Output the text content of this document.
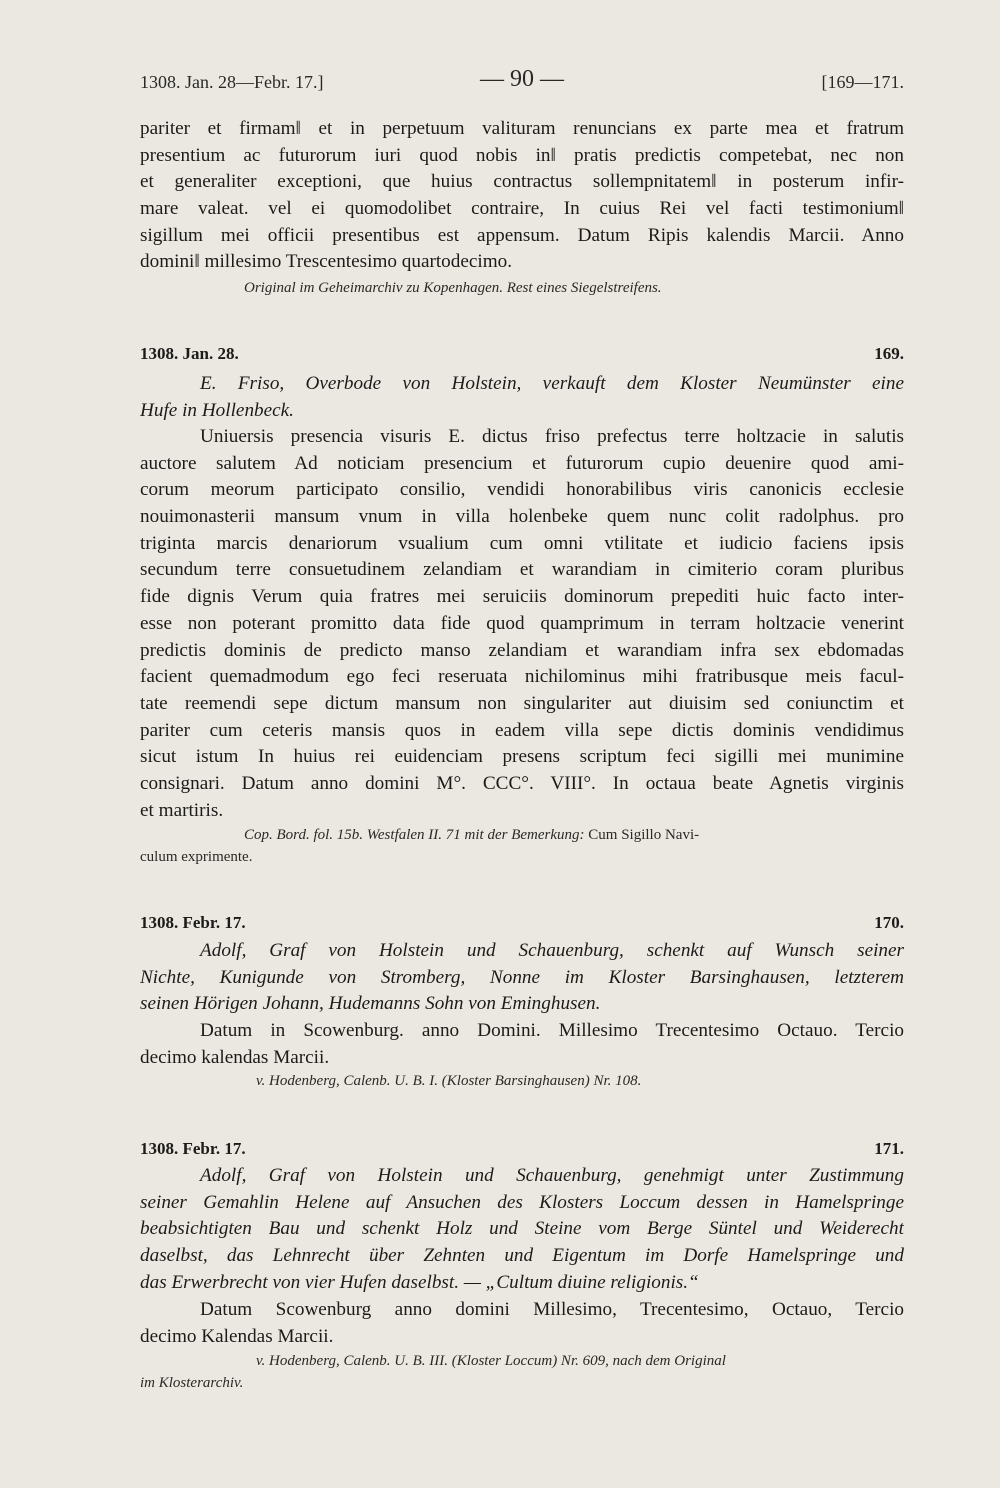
1308. Jan. 28—Febr. 17.]	— 90 —	[169—171.
pariter et firmam‖ et in perpetuum valituram renuncians ex parte mea et fratrum
presentium ac futurorum iuri quod nobis in‖ pratis predictis competebat, nec non
et generaliter exceptioni, que huius contractus sollempnitatem‖ in posterum infir-
mare valeat. vel ei quomodolibet contraire, In cuius Rei vel facti testimonium‖
sigillum mei officii presentibus est appensum. Datum Ripis kalendis Marcii. Anno
domini‖ millesimo Trescentesimo quartodecimo.
Original im Geheimarchiv zu Kopenhagen. Rest eines Siegelstreifens.
1308. Jan. 28.	169.
E. Friso, Overbode von Holstein, verkauft dem Kloster Neumünster eine
Hufe in Hollenbeck.
Uniuersis presencia visuris E. dictus friso prefectus terre holtzacie in salutis
auctore salutem Ad noticiam presencium et futurorum cupio deuenire quod ami-
corum meorum participato consilio, vendidi honorabilibus viris canonicis ecclesie
nouimonasterii mansum vnum in villa holenbeke quem nunc colit radolphus. pro
triginta marcis denariorum vsualium cum omni vtilitate et iudicio faciens ipsis
secundum terre consuetudinem zelandiam et warandiam in cimiterio coram pluribus
fide dignis Verum quia fratres mei seruiciis dominorum prepediti huic facto inter-
esse non poterant promitto data fide quod quamprimum in terram holtzacie venerint
predictis dominis de predicto manso zelandiam et warandiam infra sex ebdomadas
facient quemadmodum ego feci reseruata nichilominus mihi fratribusque meis facul-
tate reemendi sepe dictum mansum non singulariter aut diuisim sed coniunctim et
pariter cum ceteris mansis quos in eadem villa sepe dictis dominis vendidimus
sicut istum In huius rei euidenciam presens scriptum feci sigilli mei munimine
consignari. Datum anno domini M°. CCC°. VIII°. In octaua beate Agnetis virginis
et martiris.
Cop. Bord. fol. 15b. Westfalen II. 71 mit der Bemerkung: Cum Sigillo Navi-
culum exprimente.
1308. Febr. 17.	170.
Adolf, Graf von Holstein und Schauenburg, schenkt auf Wunsch seiner
Nichte, Kunigunde von Stromberg, Nonne im Kloster Barsinghausen, letzterem
seinen Hörigen Johann, Hudemanns Sohn von Eminghusen.
Datum in Scowenburg. anno Domini. Millesimo Trecentesimo Octauo. Tercio
decimo kalendas Marcii.
v. Hodenberg, Calenb. U. B. I. (Kloster Barsinghausen) Nr. 108.
1308. Febr. 17.	171.
Adolf, Graf von Holstein und Schauenburg, genehmigt unter Zustimmung
seiner Gemahlin Helene auf Ansuchen des Klosters Loccum dessen in Hamelspringe
beabsichtigten Bau und schenkt Holz und Steine vom Berge Süntel und Weiderecht
daselbst, das Lehnrecht über Zehnten und Eigentum im Dorfe Hamelspringe und
das Erwerbrecht von vier Hufen daselbst. — „Cultum diuine religionis.“
Datum Scowenburg anno domini Millesimo, Trecentesimo, Octauo, Tercio
decimo Kalendas Marcii.
v. Hodenberg, Calenb. U. B. III. (Kloster Loccum) Nr. 609, nach dem Original
im Klosterarchiv.
